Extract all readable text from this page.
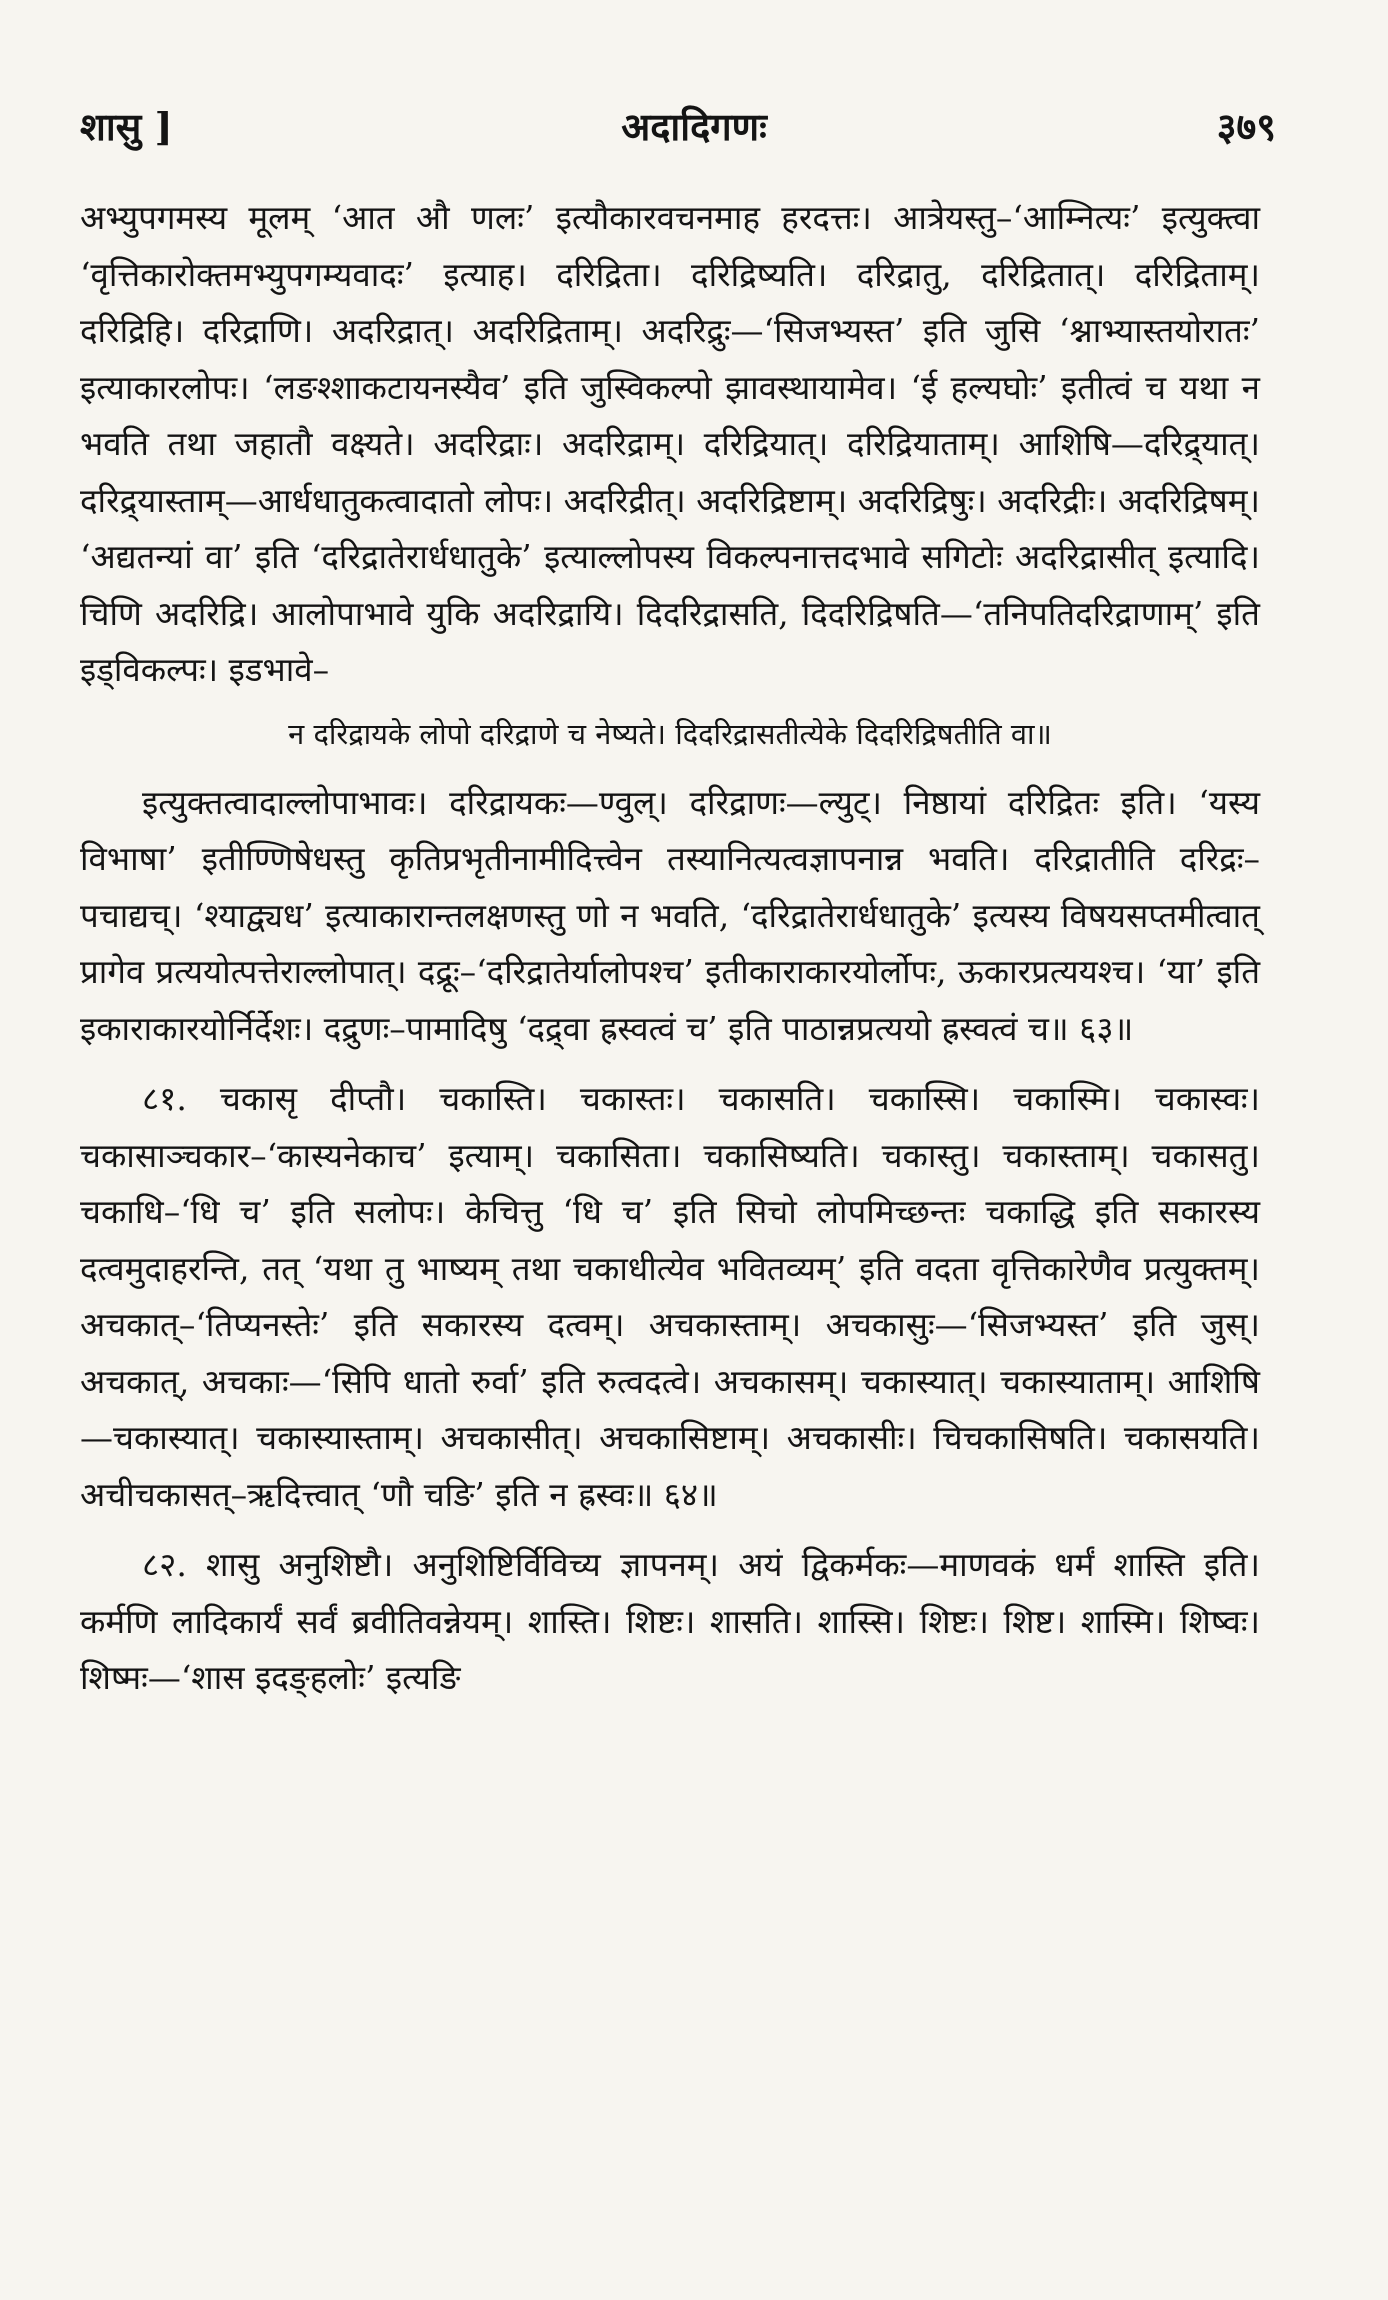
शासु ]	अदादिगणः	३७९

अभ्युपगमस्य मूलम् ‘आत औ णलः’ इत्यौकारवचनमाह हरदत्तः। आत्रेयस्तु–‘आम्नित्यः’ इत्युक्त्वा ‘वृत्तिकारोक्तमभ्युपगम्यवादः’ इत्याह। दरिद्रिता। दरिद्रिष्यति। दरिद्रातु, दरिद्रितात्। दरिद्रिताम्। दरिद्रिहि। दरिद्राणि। अदरिद्रात्। अदरिद्रिताम्। अदरिद्रुः—‘सिजभ्यस्त’ इति जुसि ‘श्नाभ्यास्तयोरातः’ इत्याकारलोपः। ‘लङश्शाकटायनस्यैव’ इति जुस्विकल्पो झावस्थायामेव। ‘ई हल्यघोः’ इतीत्वं च यथा न भवति तथा जहातौ वक्ष्यते। अदरिद्राः। अदरिद्राम्। दरिद्रियात्। दरिद्रियाताम्। आशिषि—दरिद्र्यात्। दरिद्र्यास्ताम्—आर्धधातुकत्वादातो लोपः। अदरिद्रीत्। अदरिद्रिष्टाम्। अदरिद्रिषुः। अदरिद्रीः। अदरिद्रिषम्। ‘अद्यतन्यां वा’ इति ‘दरिद्रातेरार्धधातुके’ इत्याल्लोपस्य विकल्पनात्तदभावे सगिटोः अदरिद्रासीत् इत्यादि। चिणि अदरिद्रि। आलोपाभावे युकि अदरिद्रायि। दिदरिद्रासति, दिदरिद्रिषति—‘तनिपतिदरिद्राणाम्’ इति इड्विकल्पः। इडभावे–

न दरिद्रायके लोपो दरिद्राणे च नेष्यते। दिदरिद्रासतीत्येके दिदरिद्रिषतीति वा॥

इत्युक्तत्वादाल्लोपाभावः। दरिद्रायकः—ण्वुल्। दरिद्राणः—ल्युट्। निष्ठायां दरिद्रितः इति। ‘यस्य विभाषा’ इतीण्णिषेधस्तु कृतिप्रभृतीनामीदित्त्वेन तस्यानित्यत्वज्ञापनान्न भवति। दरिद्रातीति दरिद्रः–पचाद्यच्। ‘श्याद्व्यध’ इत्याकारान्तलक्षणस्तु णो न भवति, ‘दरिद्रातेरार्धधातुके’ इत्यस्य विषयसप्तमीत्वात् प्रागेव प्रत्ययोत्पत्तेराल्लोपात्। दद्रूः–‘दरिद्रातेर्यालोपश्च’ इतीकाराकारयोर्लोपः, ऊकारप्रत्ययश्च। ‘या’ इति इकाराकारयोर्निर्देशः। दद्रुणः–पामादिषु ‘दद्र्वा ह्रस्वत्वं च’ इति पाठान्नप्रत्ययो ह्रस्वत्वं च॥ ६३॥

८१. चकासृ दीप्तौ। चकास्ति। चकास्तः। चकासति। चकास्सि। चकास्मि। चकास्वः। चकासाञ्चकार–‘कास्यनेकाच’ इत्याम्। चकासिता। चकासिष्यति। चकास्तु। चकास्ताम्। चकासतु। चकाधि–‘धि च’ इति सलोपः। केचित्तु ‘धि च’ इति सिचो लोपमिच्छन्तः चकाद्धि इति सकारस्य दत्वमुदाहरन्ति, तत् ‘यथा तु भाष्यम् तथा चकाधीत्येव भवितव्यम्’ इति वदता वृत्तिकारेणैव प्रत्युक्तम्। अचकात्–‘तिप्यनस्तेः’ इति सकारस्य दत्वम्। अचकास्ताम्। अचकासुः—‘सिजभ्यस्त’ इति जुस्। अचकात्, अचकाः—‘सिपि धातो रुर्वा’ इति रुत्वदत्वे। अचकासम्। चकास्यात्। चकास्याताम्। आशिषि—चकास्यात्। चकास्यास्ताम्। अचकासीत्। अचकासिष्टाम्। अचकासीः। चिचकासिषति। चकासयति। अचीचकासत्–ऋदित्त्वात् ‘णौ चङि’ इति न ह्रस्वः॥ ६४॥

८२. शासु अनुशिष्टौ। अनुशिष्टिर्विविच्य ज्ञापनम्। अयं द्विकर्मकः—माणवकं धर्मं शास्ति इति। कर्मणि लादिकार्यं सर्वं ब्रवीतिवन्नेयम्। शास्ति। शिष्टः। शासति। शास्सि। शिष्टः। शिष्ट। शास्मि। शिष्वः। शिष्मः—‘शास इदङ्हलोः’ इत्यङि
